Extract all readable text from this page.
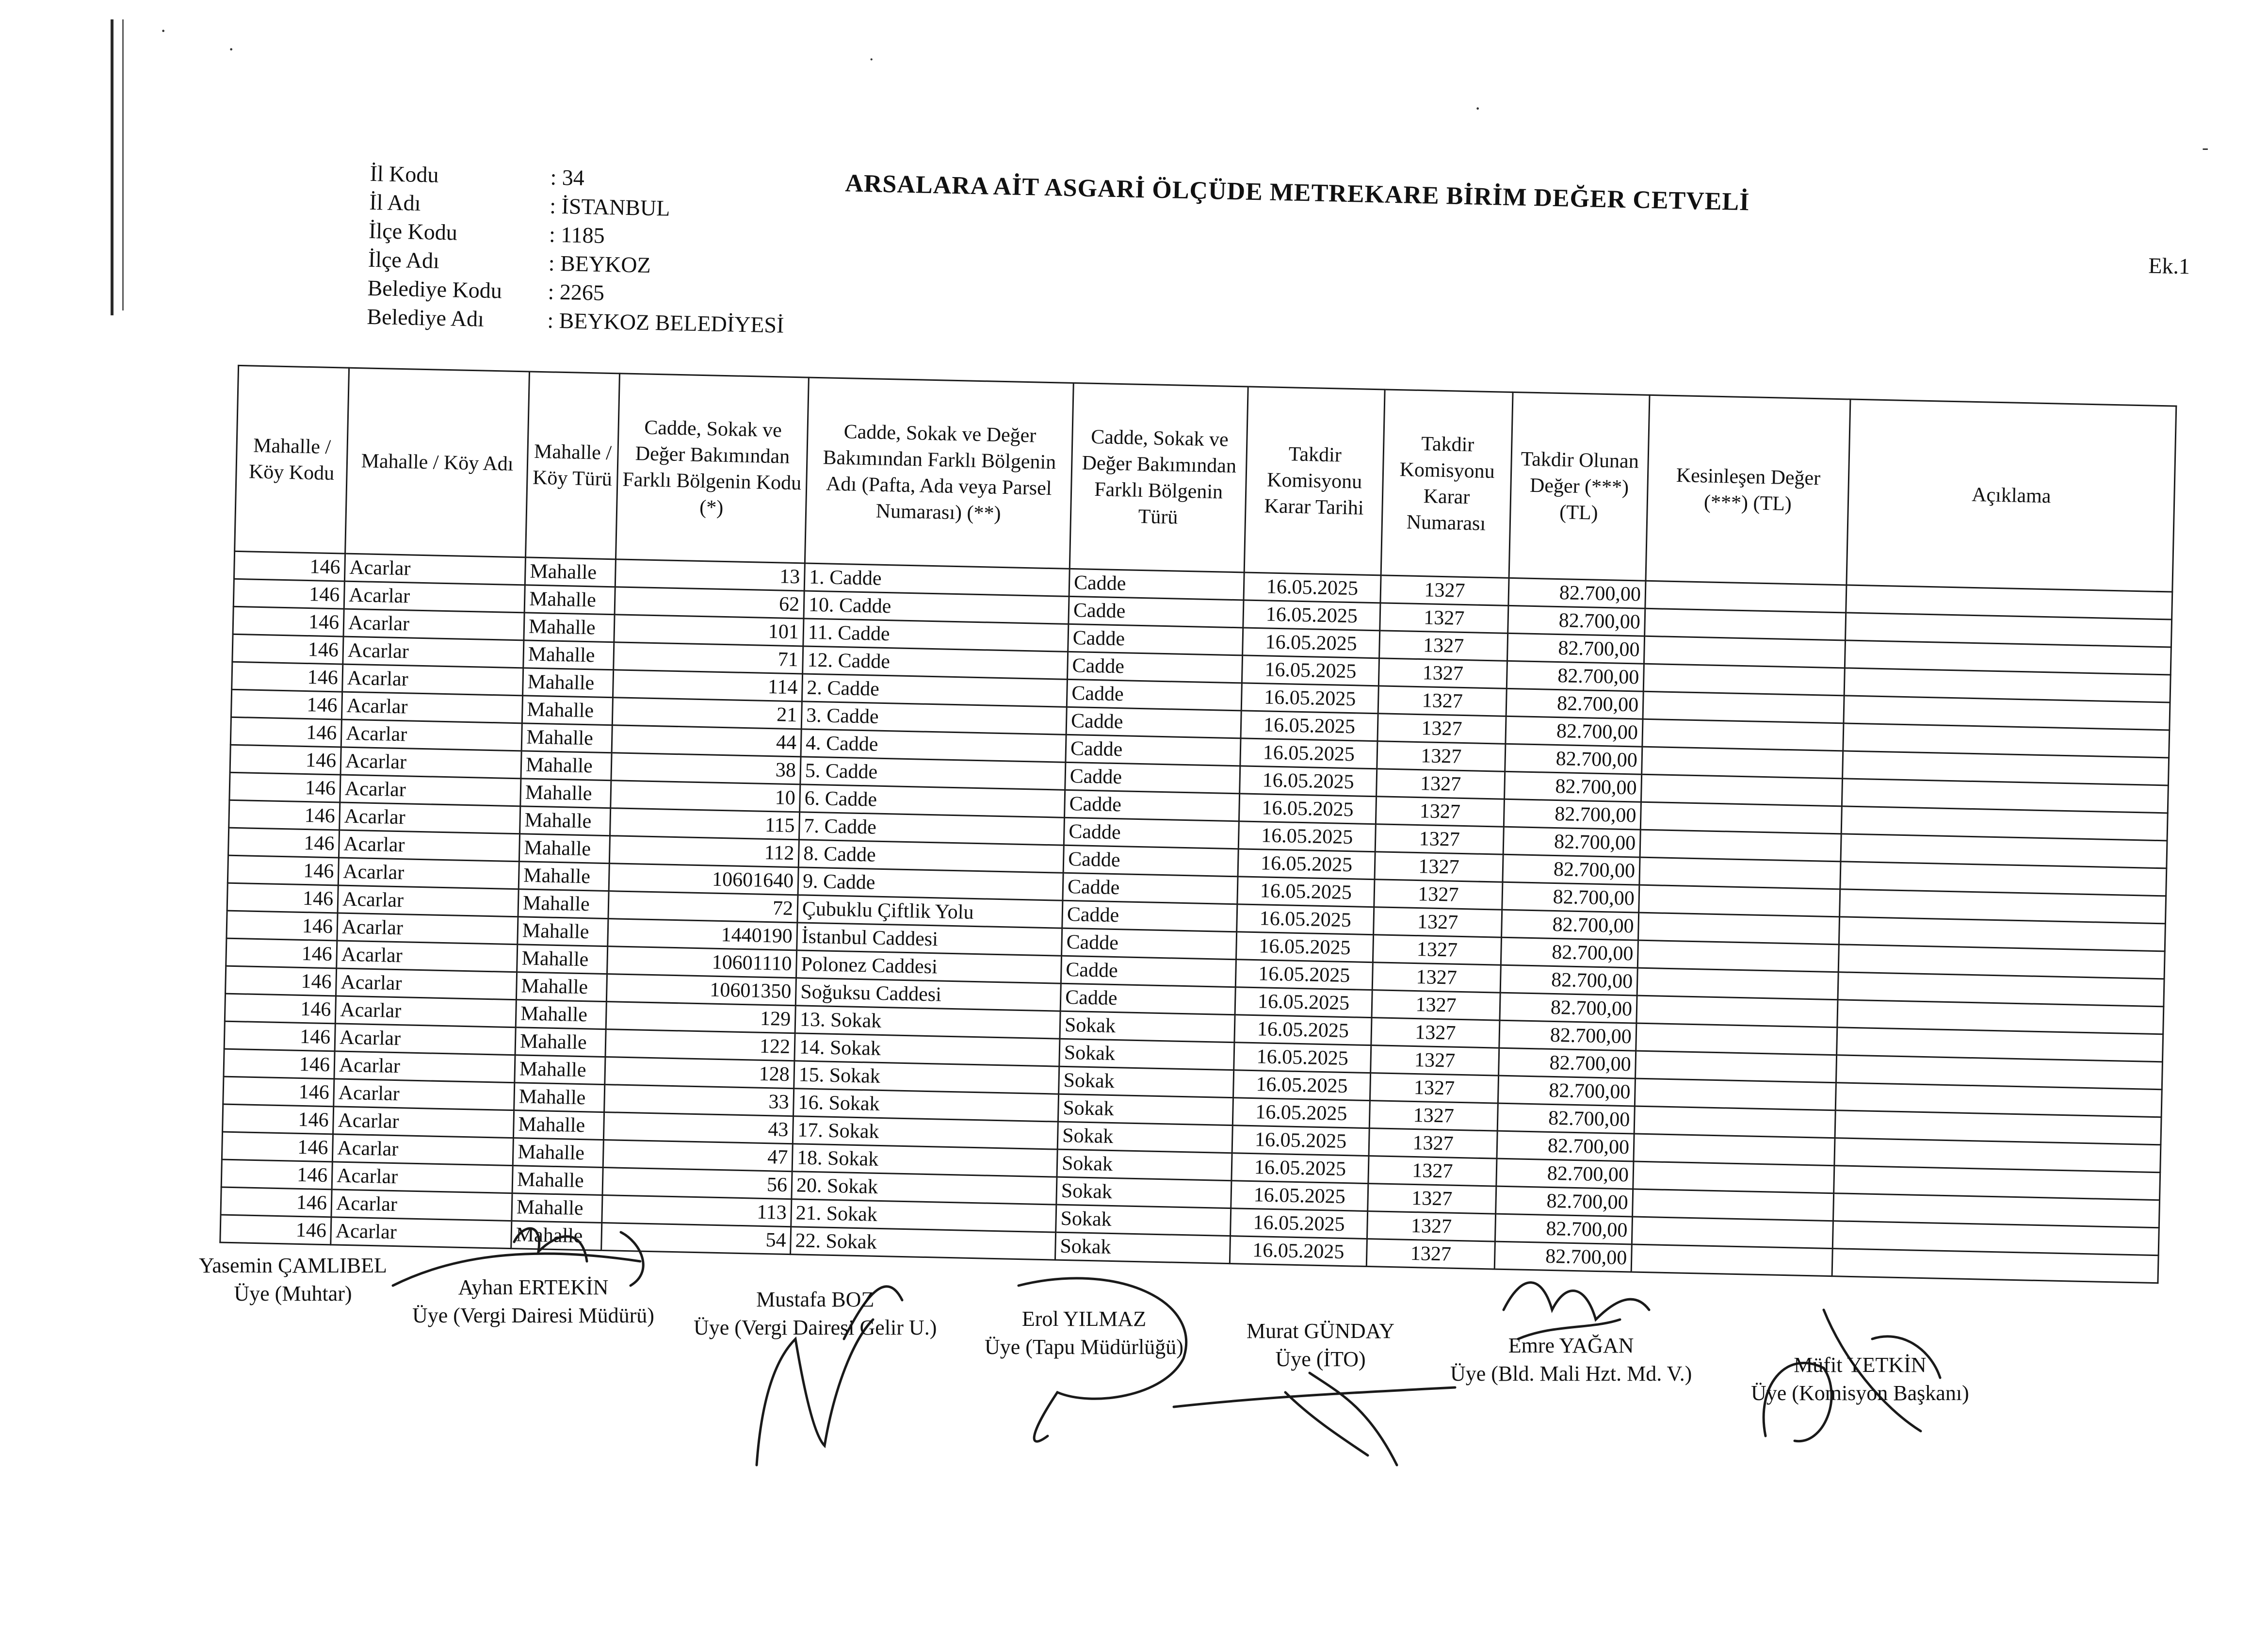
·
·
˙
·
-
İl Kodu	: 34
İl Adı	: İSTANBUL
İlçe Kodu	: 1185
İlçe Adı	: BEYKOZ
Belediye Kodu	: 2265
Belediye Adı	: BEYKOZ BELEDİYESİ
ARSALARA AİT ASGARİ ÖLÇÜDE METREKARE BİRİM DEĞER CETVELİ
Ek.1
Mahalle / Köy Kodu	Mahalle / Köy Adı	Mahalle / Köy Türü	Cadde, Sokak ve Değer Bakımından Farklı Bölgenin Kodu (*)	Cadde, Sokak ve Değer Bakımından Farklı Bölgenin Adı (Pafta, Ada veya Parsel Numarası) (**)	Cadde, Sokak ve Değer Bakımından Farklı Bölgenin Türü	Takdir Komisyonu Karar Tarihi	Takdir Komisyonu Karar Numarası	Takdir Olunan Değer (***) (TL)	Kesinleşen Değer (***) (TL)	Açıklama
146	Acarlar	Mahalle	13	1. Cadde	Cadde	16.05.2025	1327	82.700,00		
146	Acarlar	Mahalle	62	10. Cadde	Cadde	16.05.2025	1327	82.700,00		
146	Acarlar	Mahalle	101	11. Cadde	Cadde	16.05.2025	1327	82.700,00		
146	Acarlar	Mahalle	71	12. Cadde	Cadde	16.05.2025	1327	82.700,00		
146	Acarlar	Mahalle	114	2. Cadde	Cadde	16.05.2025	1327	82.700,00		
146	Acarlar	Mahalle	21	3. Cadde	Cadde	16.05.2025	1327	82.700,00		
146	Acarlar	Mahalle	44	4. Cadde	Cadde	16.05.2025	1327	82.700,00		
146	Acarlar	Mahalle	38	5. Cadde	Cadde	16.05.2025	1327	82.700,00		
146	Acarlar	Mahalle	10	6. Cadde	Cadde	16.05.2025	1327	82.700,00		
146	Acarlar	Mahalle	115	7. Cadde	Cadde	16.05.2025	1327	82.700,00		
146	Acarlar	Mahalle	112	8. Cadde	Cadde	16.05.2025	1327	82.700,00		
146	Acarlar	Mahalle	10601640	9. Cadde	Cadde	16.05.2025	1327	82.700,00		
146	Acarlar	Mahalle	72	Çubuklu Çiftlik Yolu	Cadde	16.05.2025	1327	82.700,00		
146	Acarlar	Mahalle	1440190	İstanbul Caddesi	Cadde	16.05.2025	1327	82.700,00		
146	Acarlar	Mahalle	10601110	Polonez Caddesi	Cadde	16.05.2025	1327	82.700,00		
146	Acarlar	Mahalle	10601350	Soğuksu Caddesi	Cadde	16.05.2025	1327	82.700,00		
146	Acarlar	Mahalle	129	13. Sokak	Sokak	16.05.2025	1327	82.700,00		
146	Acarlar	Mahalle	122	14. Sokak	Sokak	16.05.2025	1327	82.700,00		
146	Acarlar	Mahalle	128	15. Sokak	Sokak	16.05.2025	1327	82.700,00		
146	Acarlar	Mahalle	33	16. Sokak	Sokak	16.05.2025	1327	82.700,00		
146	Acarlar	Mahalle	43	17. Sokak	Sokak	16.05.2025	1327	82.700,00		
146	Acarlar	Mahalle	47	18. Sokak	Sokak	16.05.2025	1327	82.700,00		
146	Acarlar	Mahalle	56	20. Sokak	Sokak	16.05.2025	1327	82.700,00		
146	Acarlar	Mahalle	113	21. Sokak	Sokak	16.05.2025	1327	82.700,00		
146	Acarlar	Mahalle	54	22. Sokak	Sokak	16.05.2025	1327	82.700,00		
Yasemin ÇAMLIBEL
Üye (Muhtar)	Ayhan ERTEKİN
Üye (Vergi Dairesi Müdürü)
Mustafa BOZ
Üye (Vergi Dairesi Gelir U.)	Erol YILMAZ
Üye (Tapu Müdürlüğü)
Murat GÜNDAY
Üye (İTO)
Emre YAĞAN
Üye (Bld. Mali Hzt. Md. V.)	Müfit YETKİN
Üye (Komisyon Başkanı)
